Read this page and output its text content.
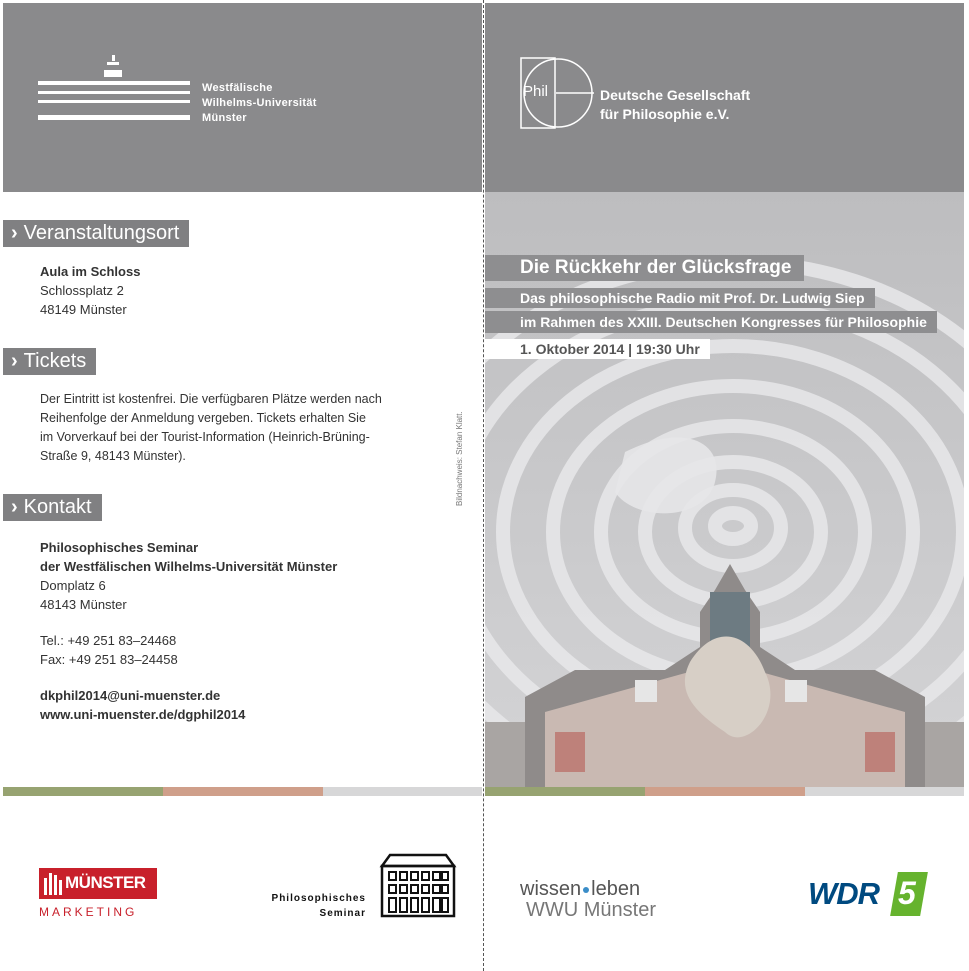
Westfälische
Wilhelms-Universität
Münster
Phil	Deutsche Gesellschaft
für Philosophie e.V.
› Veranstaltungsort
Aula im Schloss
Schlossplatz 2
48149 Münster
› Tickets
Der Eintritt ist kostenfrei. Die verfügbaren Plätze werden nach
Reihenfolge der Anmeldung vergeben. Tickets erhalten Sie
im Vorverkauf bei der Tourist-Information (Heinrich-Brüning-
Straße 9, 48143 Münster).
› Kontakt
Philosophisches Seminar
der Westfälischen Wilhelms-Universität Münster
Domplatz 6
48143 Münster
Tel.: +49 251 83–24468
Fax: +49 251 83–24458
dkphil2014@uni-muenster.de
www.uni-muenster.de/dgphil2014
Bildnachweis: Stefan Klatt.
Die Rückkehr der Glücksfrage
Das philosophische Radio mit Prof. Dr. Ludwig Siep
im Rahmen des XXIII. Deutschen Kongresses für Philosophie
1. Oktober 2014 | 19:30 Uhr
MÜNSTER
MARKETING
Philosophisches
Seminar
wissen leben
WWU Münster	WDR 5
